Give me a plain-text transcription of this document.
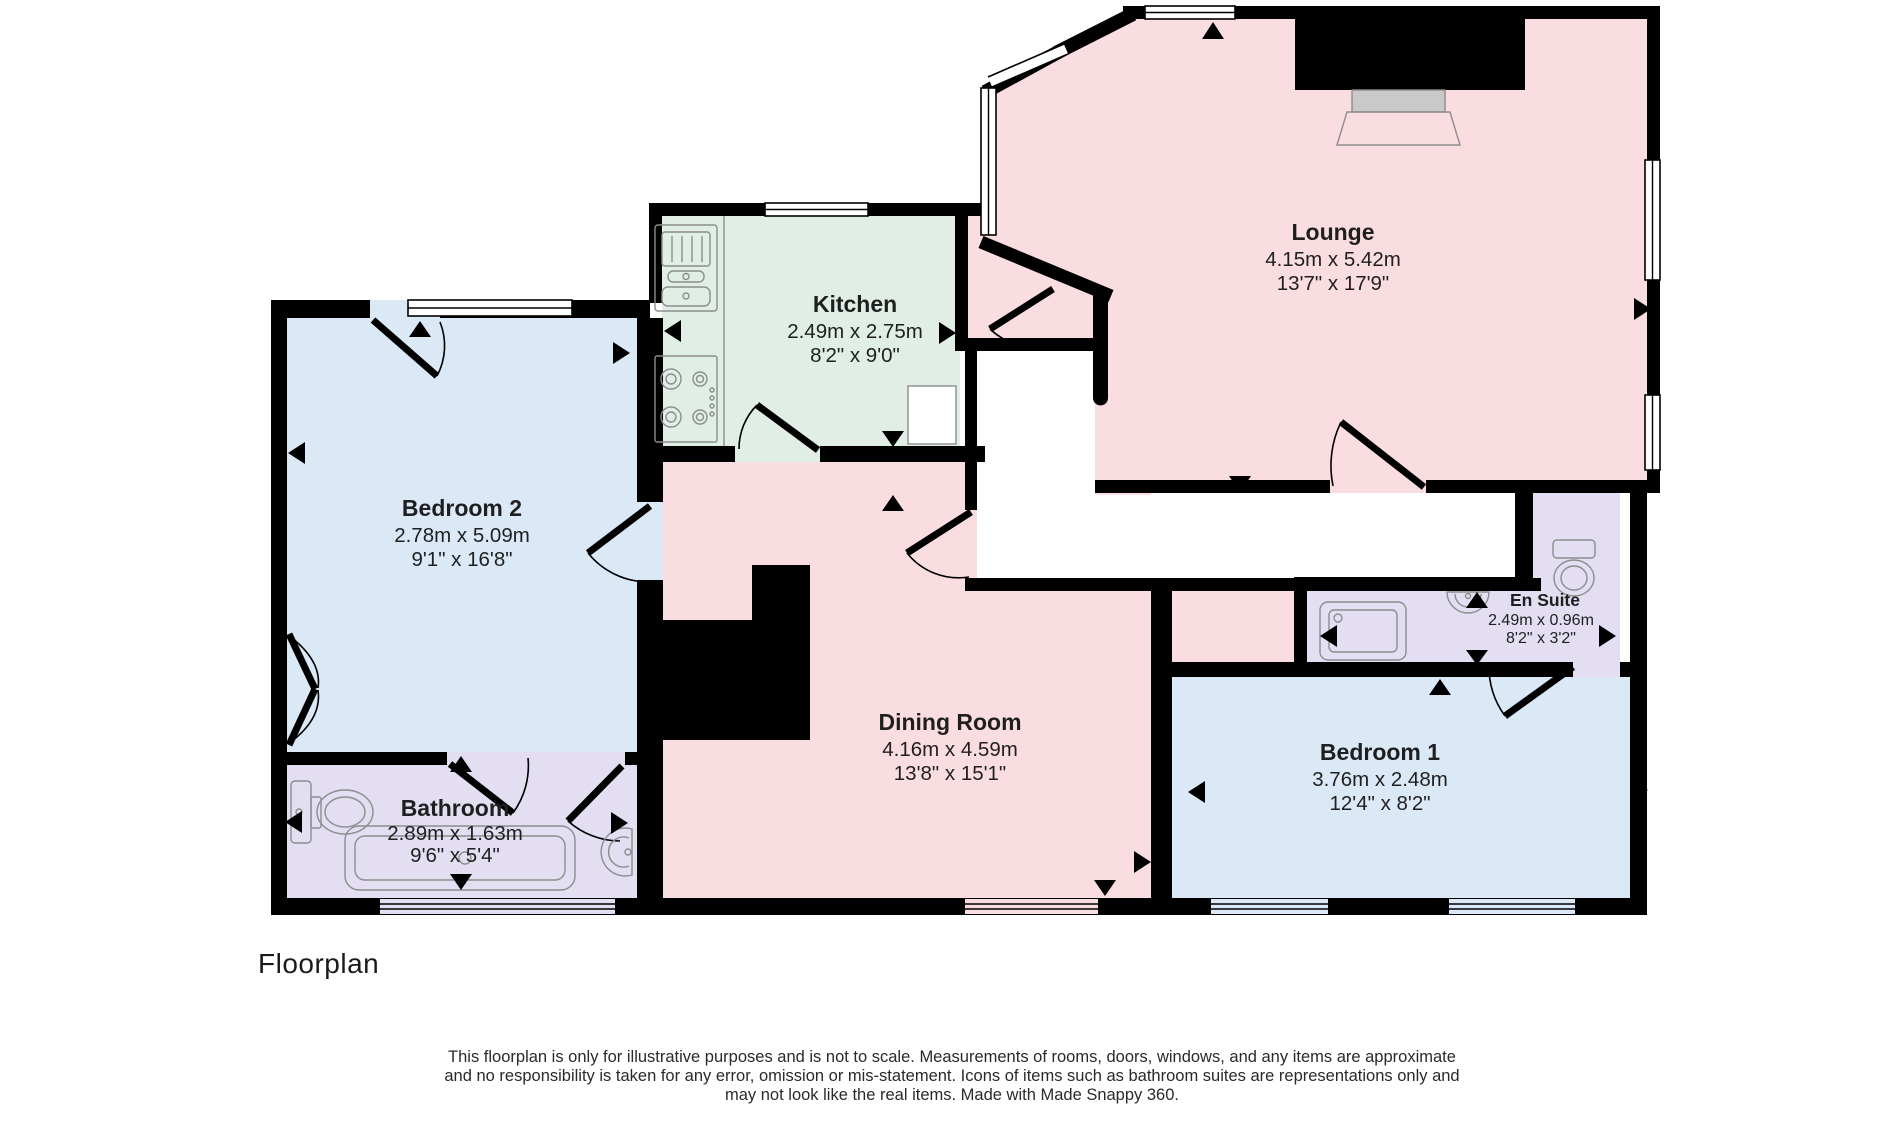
Lounge
4.15m x 5.42m
13'7" x 17'9"
Kitchen
2.49m x 2.75m
8'2" x 9'0"
Bedroom 2
2.78m x 5.09m
9'1" x 16'8"
Dining Room
4.16m x 4.59m
13'8" x 15'1"
Bathroom
2.89m x 1.63m
9'6" x 5'4"
Bedroom 1
3.76m x 2.48m
12'4" x 8'2"
En Suite
2.49m x 0.96m
8'2" x 3'2"
Floorplan
This floorplan is only for illustrative purposes and is not to scale. Measurements of rooms, doors, windows, and any items are approximate
and no responsibility is taken for any error, omission or mis-statement. Icons of items such as bathroom suites are representations only and
may not look like the real items. Made with Made Snappy 360.
